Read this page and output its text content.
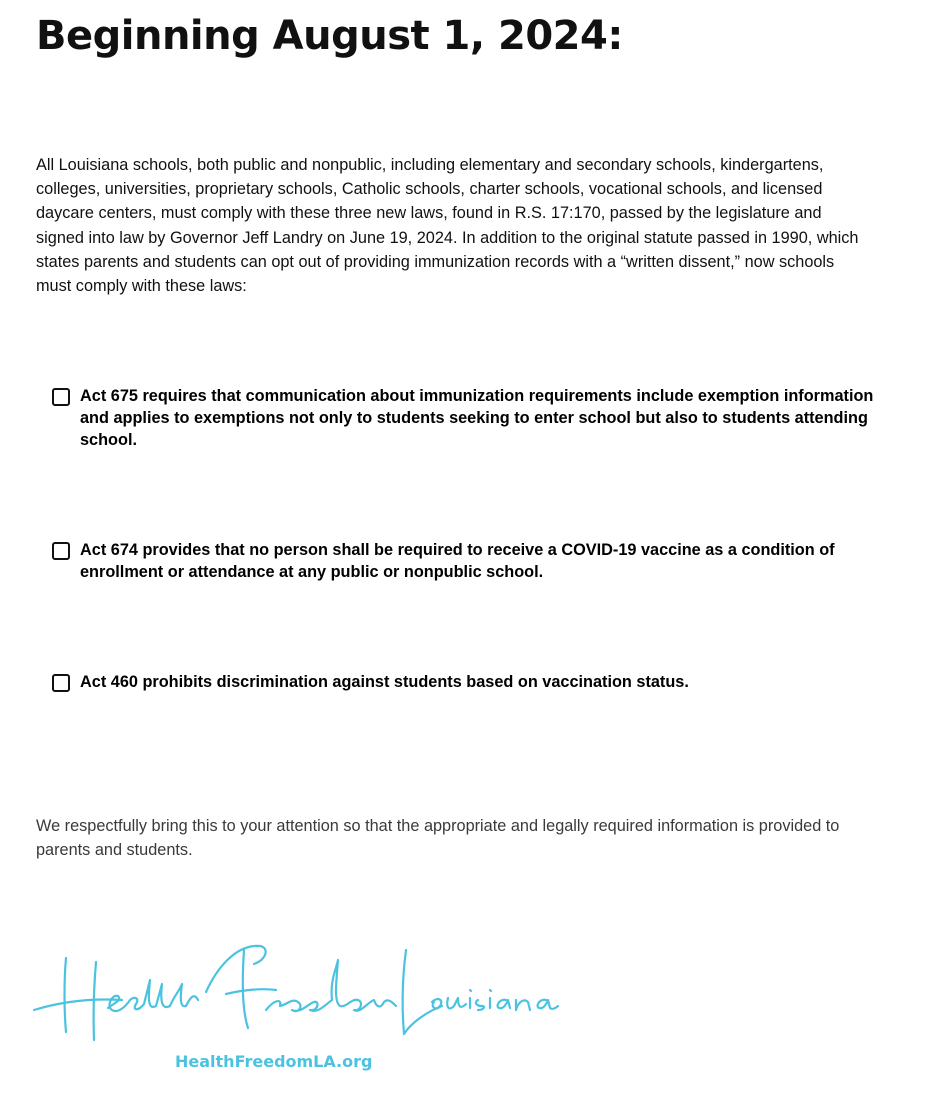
Beginning August 1, 2024:

All Louisiana schools, both public and nonpublic, including elementary and secondary schools, kindergartens, colleges, universities, proprietary schools, Catholic schools, charter schools, vocational schools, and licensed daycare centers, must comply with these three new laws, found in R.S. 17:170, passed by the legislature and signed into law by Governor Jeff Landry on June 19, 2024. In addition to the original statute passed in 1990, which states parents and students can opt out of providing immunization records with a “written dissent,” now schools must comply with these laws:

Act 675 requires that communication about immunization requirements include exemption information and applies to exemptions not only to students seeking to enter school but also to students attending school.
Act 674 provides that no person shall be required to receive a COVID-19 vaccine as a condition of enrollment or attendance at any public or nonpublic school.
Act 460 prohibits discrimination against students based on vaccination status.

We respectfully bring this to your attention so that the appropriate and legally required information is provided to parents and students.

HealthFreedomLA.org
